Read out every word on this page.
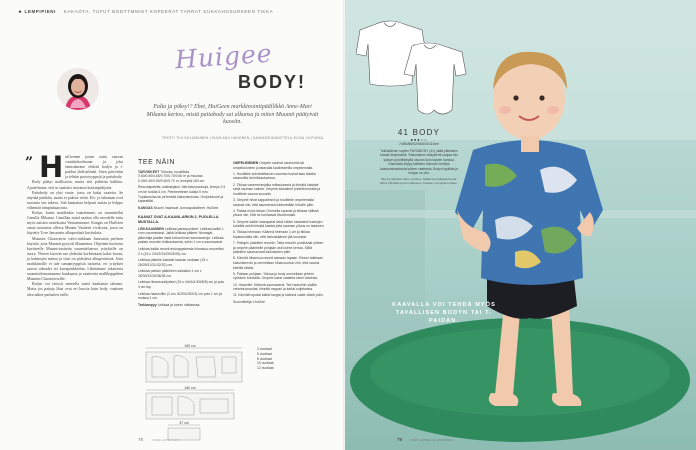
★ LEMPIPIENI KAKAOTA. TUFUT BODYTMMIST KOPEERAT TARRAT SUKKAHOSURKEEN TIKKA
Huigee
BODY!
Palta ja pöksy!? Ebet, HuiGeen markkinointipäällikkö Anne-Mari Mikama kertoo, mistä paitabody sai alkunsa ja miten Muumit päätyivät kuosiin.
TEKSTI TIIU KOLUMAINEN | KUVA ANU HAHONEN | KAAVASSUUNNITTELU ELINA VILPUKKA
H uiGeenne jotain outta vauvan vaatekokoelmaan ja joka tämistänome ehdotti bodyn ja t-paidan yhdistelmää. Siten päivettiin ja tehtiin prototyyppejä ja paitabody.
Body päätyi mallistoon, mutta sitä pidettiin kalliina. Ajattelimme, että se saattaisi tuovansa kotiompelijoita.
Paitabody on yksi vuaie, jossa on kaksi vaatetta. Se näyttää paidalta, mutta ei pakota vetää. Ets- ja takanaan ovat nuoruita sen tukeva. Sitä kannattaa helposti auttaa ja helppo vähentää rämpinhaaroista.
Bodyn, kuten muidenkin vaatteemme, on suunnitellut Camilla Mikama. Camillan mind saattaa olla meodelle tuttu myös naisten vaatekoista Ventarinimme. Kangas on HuiGeen omaa tuotantoa ollessa Muumi Vaatteen t-trikoota, jossa on käytetty Tove Janssonin alkuperäisiä kuvituksia.
Muumin Characterin valvo-tarkkaan Janssonin perheen käyttöä, jotta Muumit pysyvät Muumeina. Ohjeinen kuvitetta kuvitteelle Muumi-tuotteita suunniteltaessa yrityksille on suora. Yhteen kuosiin saa yhdistää korkeintaan kaksi kuvaa, ja hahmojen mittaa ja värit on pidettävä alkuperäisinä. Jotta markkinoille ei tule samantyyppisiä tuotteita, eri yritykset saavat oikeudet eri kuvapankkeihin. Lähetämme jokaisesta suunnittelemastamme kankaasta ja vaatteesta mallikappaleen Muumin Characterseille.
Bodyn voi tietysti ommella mistä kankaasta tahansa. Mutta jos paitaja lihat ovat eri kuosia kuin body, vaatteen idea näkee parhaiten esille.
”	TEE NÄIN

TARVIKKEET Trikoota, kuosillista 0.60/0.60/0.65/0.70/0.70/0.80 m ja muullaa 0.40/0.40/0.50/0.60/0.70 m, leveyttä 160 cm.

Resoriaipaleita, kaikiaejaksi: Vahvistusnauhoja, leveys 2.5 cm ke kokilla 6 cm. Pienimetrinen kaista 5 mm. Tuplaneulaa tai pehmeää kaksoisneulaa. Ompelukone ja kapeatikki.

KANGAS Muumi Vaaravat -tunnuspaksitteet, HuiGee.

KAAVAT OVAT A-KAAVA-ARKIN 2, PUOLELLA MUSTALLA.

LEIKKAAMINEN Leikkaa paranpuoliset: Leikkaa kaikki 1 cm:n saumavarat. Jaikki leikkaa päiteet: Nimaajat, jalkeinäja paidan sistä tuttua ilman saumavaroja. Leikkaa paidan resorien leikkauksesta, sekin 1 cm:n saumavarat.

Leikkaa kaikki resorit etukappaleesta hihansuu-resoreiksi 2 x (15 x 20/22/23/25/25/26) cm.

Leikkaa pääntie-kaistale kaavan mukaan (15 x 28/28/31/31/32/32) cm.

Leikkaa paidan pääntieen kaistaksi 1 cm x 28/30/32/34/36/38 cm.

Leikkaa hihansuutäytteet (15 x 4/4/4/4.5/5/5/5) cm ja pois 3 cm lap.

Leikkaa haaroviilto (2 cm, 5/2/5/2/5/2/3) cm pois 1 cm ja muissa 1 cm.

Tarkkanpyy Leikkaa ja tunnin olettaessa.

OMPELEMINEN Ompele saumat saumurilla tai ompelukoneen joustavalla kaulintareilla ompelemalla.

1. Huolittele kohdistettavien sauman toukat taas takalla saumuiilla tai leikkauksessa.

2. Tikkaa vasemmanjalka mittauksesta ja kiinnitä kaistale sekä sauman valinta. Ompele kaistaleet yhdellä kertalla ja huolittele sauma suoralla.

3. Ompele hihat kappaleisiin ja huolittele ompelemalla saumat niin, että saumavara käännetään hihoille päin.

4. Paitaa myös takaa: Ommella saumat ja leikkaa välissä pituus niin, että ne kohtaavat kivuttomasti.

5. Ompele kaikki haarapalat sekä niiden kaistaleet haarojen kohdille sekä kiinnitä kaistat jotta sauman pituus on tasainen.

6. Tikkaa helmaan: Käännä helmaan 1 cm ja tikkaa tuplaneulalla niin, että helmakäänne jää suoraksi.

7. Paitojen pääntien resoriin: Taita resoriin puolikkaat yhteen ja ompele pääntielle pohjaan asti kolme kertaa. Silitä pääntien saumavarat kaulukseen päin.

8. Kiinnitä hihansuu resorit samaan tapaan. Resori taitetaan kaksinkerroin ja ommellaan hihansuuhun niin, että sauma kiertää siistisi.

9. Paitaan pohjaan: Yläosa ja body ommellaan yhteen vyötärön kohdalta. Ompele kaksi vaatetta kiinni toisiinsa.

10. Haaroille: Käännä saumavarat. Tee haaroihin sisälle vahvistusnauhat, kiinnitä neppari ja kaikki suljekaista.

11. Kiinnitä lopuksi kaikki langat ja käännä vaate oikein päin.

Suunnittelija: HuiGee

150 cm
160 cm
37 cm
3 vuotiaat
5 vuotiaat
8 vuotiaat
10 vuotiaat
12 vuotiaat
78	ONNE LAPSI TOYS
41 BODY
●●●○○
74/80/86/92/98/104/110cm
Tokioikäinen sopien PAITABODY (41) pitää pikkuisen kivasti lämpimänä. Yksiosainen bodytermi suojaa niin syksyn pyörähtelyltä vauvan kuin lapsen kanssa. Kaaviosta löytyy kaikkien kokonen kehitys kaavavariaatioista tulleen vaattesta. Bodyn tyylikäs ja helppo se piiri.
Muumi Vaarivät -tikko, HuiGee. Mallinnusmalleista Kuvat: Elina VIlpukka ja Anu Hahonen. Kaavat: Lempipieni tekee.
KAAVALLA VOI TEHDÄ MYÖS TAVALLISEN BODYN TAI T-PAIDAN.
79	SÄÄT LAPSELLE LEMPIPIENI
